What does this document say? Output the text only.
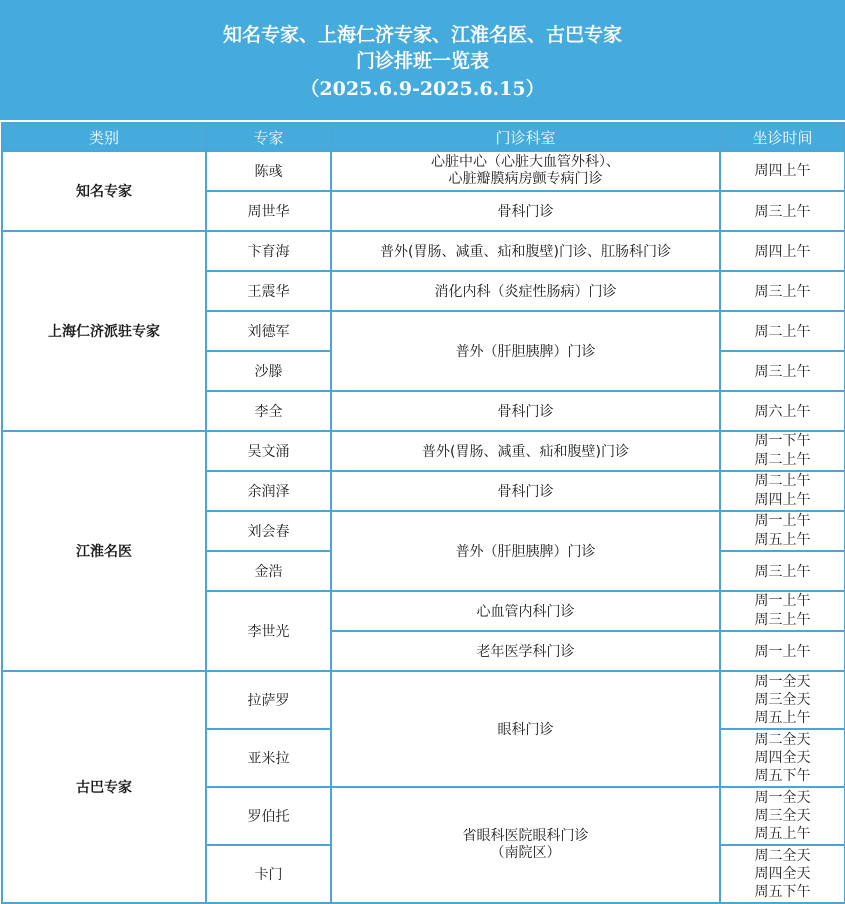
知名专家、上海仁济专家、江淮名医、古巴专家
门诊排班一览表
（2025.6.9-2025.6.15）
类别	专家	门诊科室	坐诊时间
知名专家	陈彧	心脏中心（心脏大血管外科）、
心脏瓣膜病房颤专病门诊	周四上午

	周世华	骨科门诊	周三上午
上海仁济派驻专家	卞育海	普外(胃肠、减重、疝和腹壁)门诊、肛肠科门诊	周四上午
	王震华	消化内科（炎症性肠病）门诊	周三上午
	刘德军	普外（肝胆胰脾）门诊	周二上午
	沙滕		周三上午
	李全	骨科门诊	周六上午
江淮名医	吴文涌	普外(胃肠、减重、疝和腹壁)门诊	周一下午
周二上午

	余润泽	骨科门诊	周二上午
周四上午

	刘会春	普外（肝胆胰脾）门诊	周一上午
周五上午

	金浩		周三上午
	李世光	心血管内科门诊	周一上午
周三上午

		老年医学科门诊	周一上午
古巴专家	拉萨罗	眼科门诊	周一全天
周三全天
周五上午

	亚米拉		周二全天
周四全天
周五下午

	罗伯托	省眼科医院眼科门诊
（南院区）	周一全天
周三全天
周五上午

	卡门		周二全天
周四全天
周五下午
